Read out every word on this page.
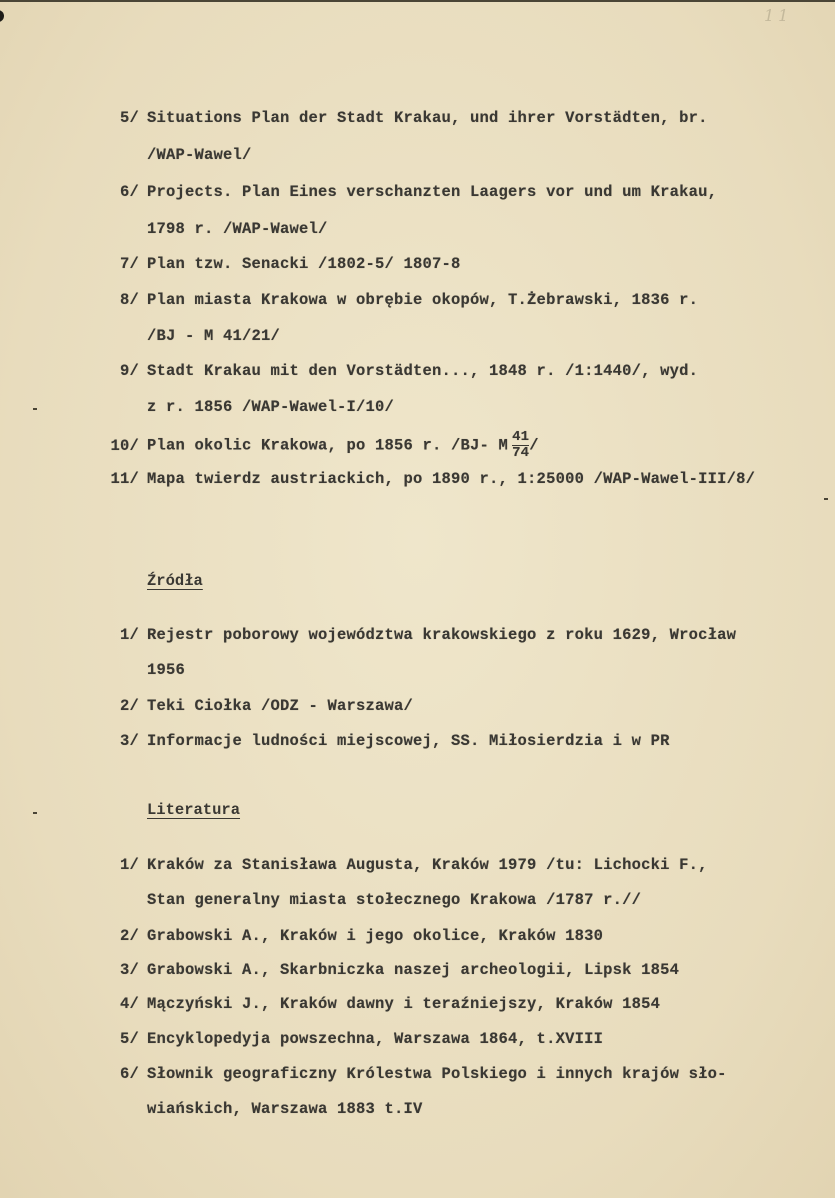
11
5/ Situations Plan der Stadt Krakau, und ihrer Vorstädten, br.
/WAP-Wawel/
6/ Projects. Plan Eines verschanzten Laagers vor und um Krakau,
1798 r. /WAP-Wawel/
7/ Plan tzw. Senacki /1802-5/ 1807-8
8/ Plan miasta Krakowa w obrębie okopów, T.Żebrawski, 1836 r.
/BJ - M 41/21/
9/ Stadt Krakau mit den Vorstädten..., 1848 r. /1:1440/, wyd.
z r. 1856 /WAP-Wawel-I/10/
10/ Plan okolic Krakowa, po 1856 r. /BJ- M $\frac{41}{74}$ /
11/ Mapa twierdz austriackich, po 1890 r., 1:25000 /WAP-Wawel-III/8/
Źródła
1/ Rejestr poborowy województwa krakowskiego z roku 1629, Wrocław
1956
2/ Teki Ciołka /ODZ - Warszawa/
3/ Informacje ludności miejscowej, SS. Miłosierdzia i w PR
Literatura
1/ Kraków za Stanisława Augusta, Kraków 1979 /tu: Lichocki F.,
Stan generalny miasta stołecznego Krakowa /1787 r.//
2/ Grabowski A., Kraków i jego okolice, Kraków 1830
3/ Grabowski A., Skarbniczka naszej archeologii, Lipsk 1854
4/ Mączyński J., Kraków dawny i teraźniejszy, Kraków 1854
5/ Encyklopedyja powszechna, Warszawa 1864, t.XVIII
6/ Słownik geograficzny Królestwa Polskiego i innych krajów sło-
wiańskich, Warszawa 1883 t.IV
